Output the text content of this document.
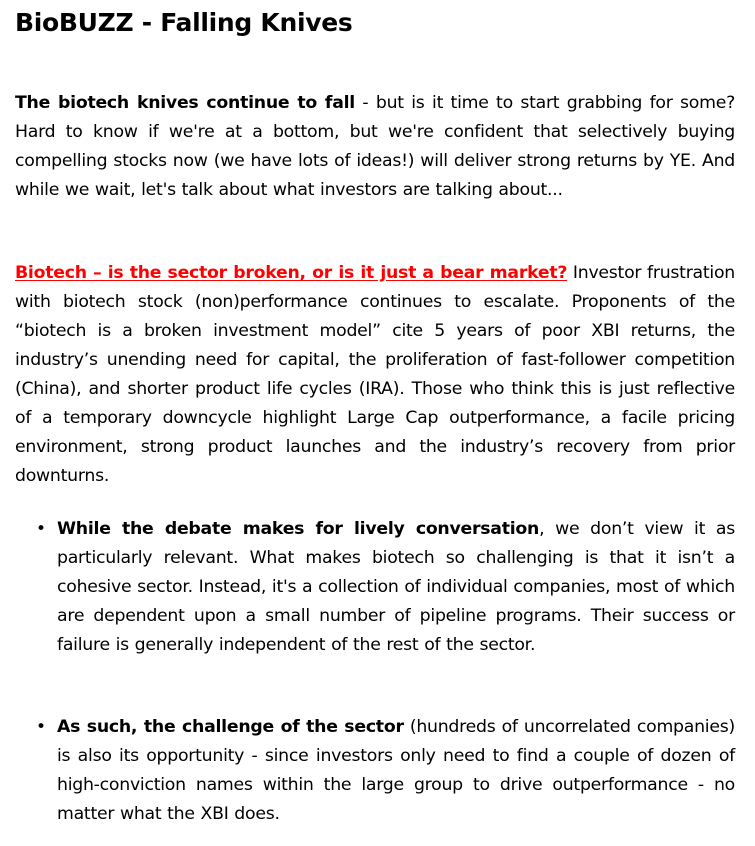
BioBUZZ - Falling Knives

The biotech knives continue to fall - but is it time to start grabbing for some? Hard to know if we're at a bottom, but we're confident that selectively buying compelling stocks now (we have lots of ideas!) will deliver strong returns by YE. And while we wait, let's talk about what investors are talking about...

Biotech – is the sector broken, or is it just a bear market? Investor frustration with biotech stock (non)performance continues to escalate. Proponents of the “biotech is a broken investment model” cite 5 years of poor XBI returns, the industry’s unending need for capital, the proliferation of fast-follower competition (China), and shorter product life cycles (IRA). Those who think this is just reflective of a temporary downcycle highlight Large Cap outperformance, a facile pricing environment, strong product launches and the industry’s recovery from prior downturns.

• While the debate makes for lively conversation, we don’t view it as particularly relevant. What makes biotech so challenging is that it isn’t a cohesive sector. Instead, it's a collection of individual companies, most of which are dependent upon a small number of pipeline programs. Their success or failure is generally independent of the rest of the sector.

• As such, the challenge of the sector (hundreds of uncorrelated companies) is also its opportunity - since investors only need to find a couple of dozen of high-conviction names within the large group to drive outperformance - no matter what the XBI does.
